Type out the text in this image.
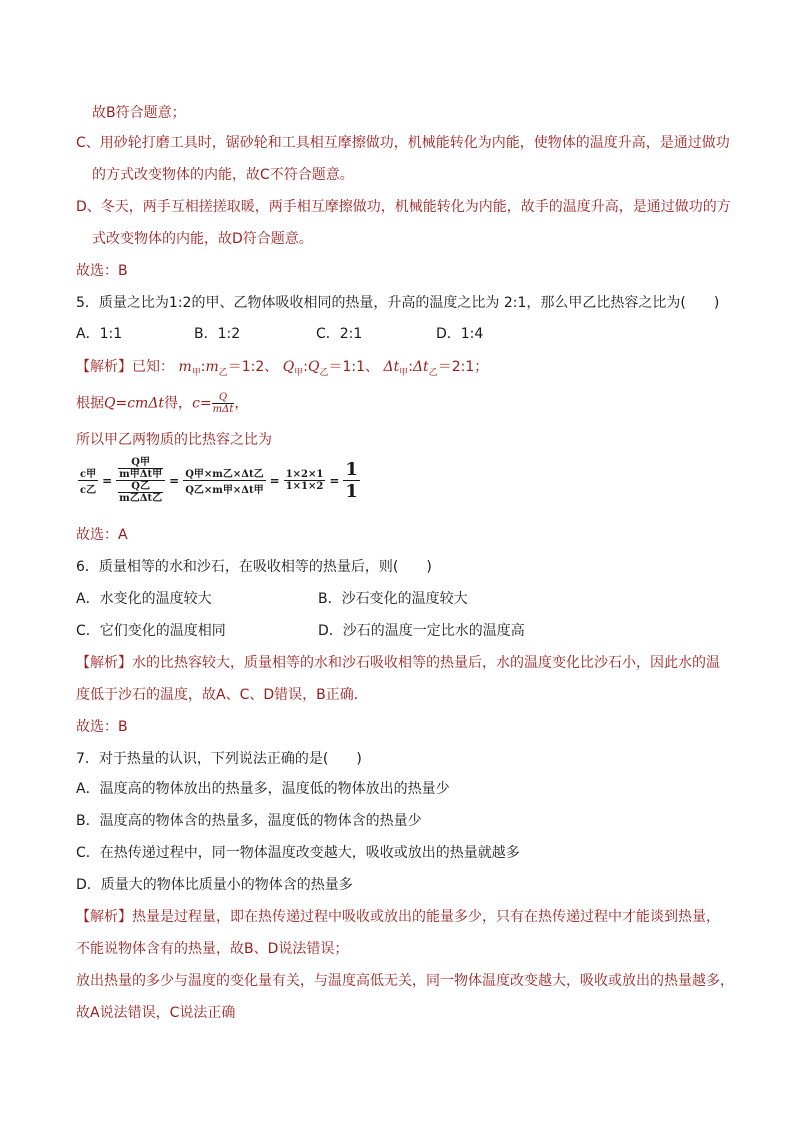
故B符合题意；
C、用砂轮打磨工具时，锯砂轮和工具相互摩擦做功，机械能转化为内能，使物体的温度升高，是通过做功
的方式改变物体的内能，故C不符合题意。
D、冬天，两手互相搓搓取暖，两手相互摩擦做功，机械能转化为内能，故手的温度升高，是通过做功的方
式改变物体的内能，故D符合题意。
故选：B
5．质量之比为1:2的甲、乙物体吸收相同的热量，升高的温度之比为 2:1，那么甲乙比热容之比为(　　)
A．1:1	B．1:2	C．2:1	D．1:4
【解析】已知： $m_甲:m_乙=1:2$、 $Q_甲:Q_乙=1:1$、 $\Delta t_甲:\Delta t_乙=2:1$；
根据Q=cmΔt得，$c= \frac{Q}{\text{mΔt}}$ ，
所以甲乙两物质的比热容之比为
c甲
c乙
=
$\frac{\text{Q甲}}{\text{m甲Δt甲}}$
$\frac{\text{Q乙}}{\text{m乙Δt乙}}$
= Q甲×m乙×Δt乙
Q乙×m甲×Δt甲
= $\frac{1\times 2\times 1}{1\times 1\times 2} = \frac{1}{1}$
故选：A
6．质量相等的水和沙石，在吸收相等的热量后，则(　　)
A．水变化的温度较大	B．沙石变化的温度较大
C．它们变化的温度相同	D．沙石的温度一定比水的温度高
【解析】水的比热容较大，质量相等的水和沙石吸收相等的热量后，水的温度变化比沙石小，因此水的温
度低于沙石的温度，故A、C、D错误，B正确．
故选：B
7．对于热量的认识，下列说法正确的是(　　)
A．温度高的物体放出的热量多，温度低的物体放出的热量少
B．温度高的物体含的热量多，温度低的物体含的热量少
C．在热传递过程中，同一物体温度改变越大，吸收或放出的热量就越多
D．质量大的物体比质量小的物体含的热量多
【解析】热量是过程量，即在热传递过程中吸收或放出的能量多少，只有在热传递过程中才能谈到热量，
不能说物体含有的热量，故B、D说法错误；
放出热量的多少与温度的变化量有关，与温度高低无关，同一物体温度改变越大，吸收或放出的热量越多，
故A说法错误，C说法正确
